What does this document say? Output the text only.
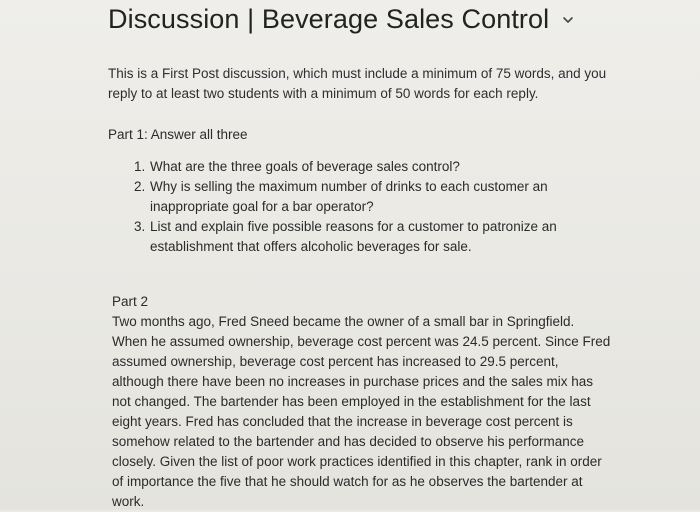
Discussion | Beverage Sales Control
This is a First Post discussion, which must include a minimum of 75 words, and you reply to at least two students with a minimum of 50 words for each reply.
Part 1: Answer all three
1. What are the three goals of beverage sales control?
2. Why is selling the maximum number of drinks to each customer an inappropriate goal for a bar operator?
3. List and explain five possible reasons for a customer to patronize an establishment that offers alcoholic beverages for sale.
Part 2
Two months ago, Fred Sneed became the owner of a small bar in Springfield. When he assumed ownership, beverage cost percent was 24.5 percent. Since Fred assumed ownership, beverage cost percent has increased to 29.5 percent, although there have been no increases in purchase prices and the sales mix has not changed. The bartender has been employed in the establishment for the last eight years. Fred has concluded that the increase in beverage cost percent is somehow related to the bartender and has decided to observe his performance closely. Given the list of poor work practices identified in this chapter, rank in order of importance the five that he should watch for as he observes the bartender at work.
